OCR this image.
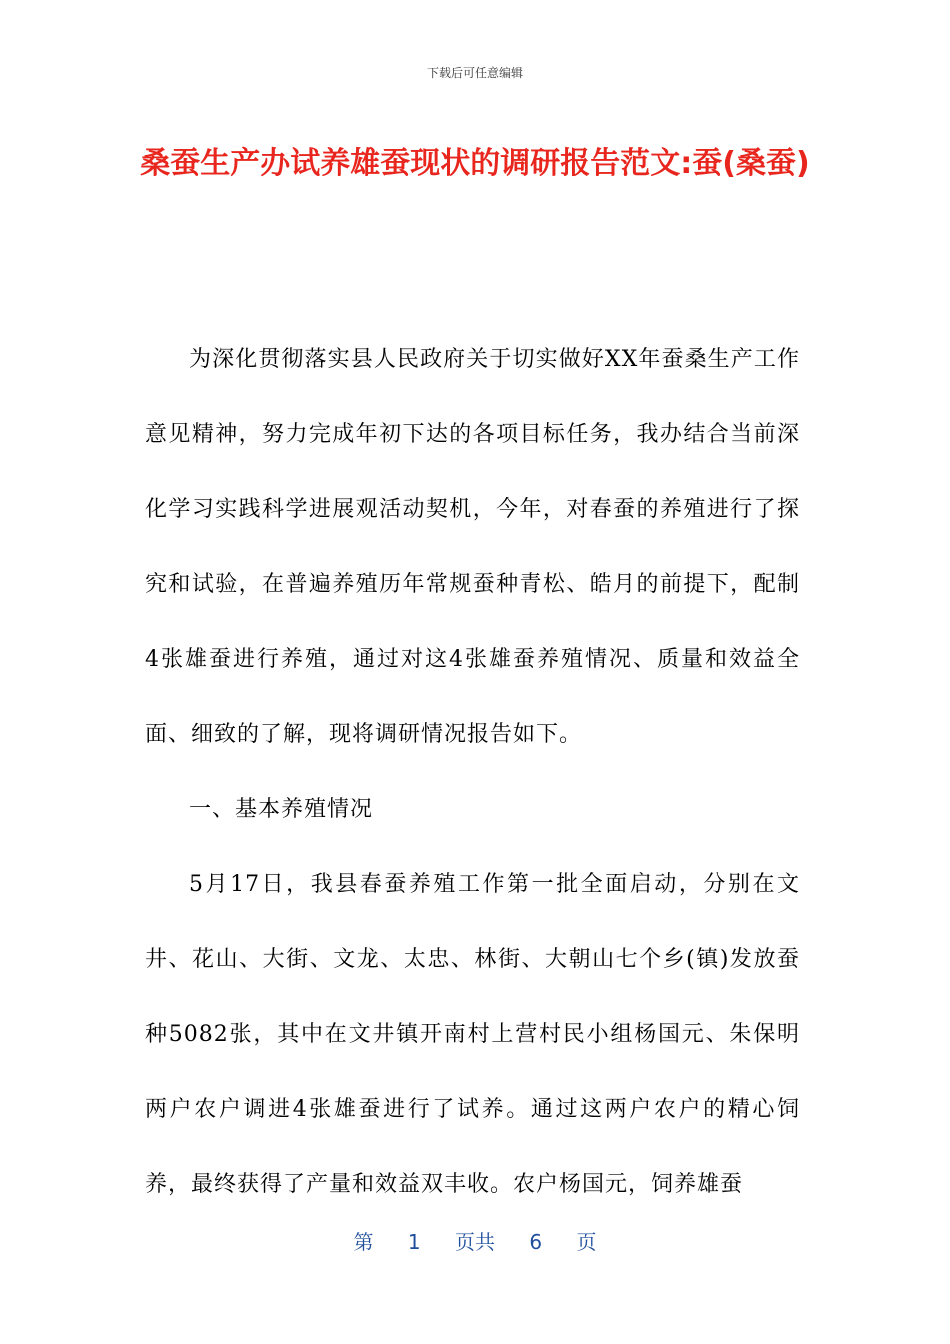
下载后可任意编辑
桑蚕生产办试养雄蚕现状的调研报告范文:蚕(桑蚕)

为深化贯彻落实县人民政府关于切实做好XX年蚕桑生产工作意见精神，努力完成年初下达的各项目标任务，我办结合当前深化学习实践科学进展观活动契机，今年，对春蚕的养殖进行了探究和试验，在普遍养殖历年常规蚕种青松、皓月的前提下，配制4张雄蚕进行养殖，通过对这4张雄蚕养殖情况、质量和效益全面、细致的了解，现将调研情况报告如下。

一、基本养殖情况

5月17日，我县春蚕养殖工作第一批全面启动，分别在文井、花山、大街、文龙、太忠、林街、大朝山七个乡(镇)发放蚕种5082张，其中在文井镇开南村上营村民小组杨国元、朱保明两户农户调进4张雄蚕进行了试养。通过这两户农户的精心饲养，最终获得了产量和效益双丰收。农户杨国元，饲养雄蚕

第 1 页共 6 页
